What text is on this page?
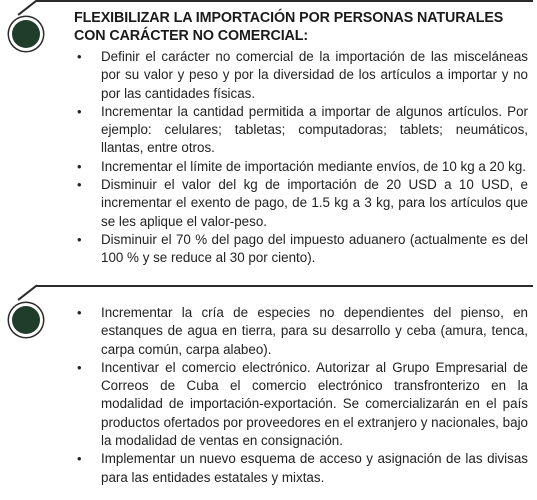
FLEXIBILIZAR LA IMPORTACIÓN POR PERSONAS NATURALES CON CARÁCTER NO COMERCIAL:
• Definir el carácter no comercial de la importación de las misceláneas por su valor y peso y por la diversidad de los artículos a importar y no por las cantidades físicas.
• Incrementar la cantidad permitida a importar de algunos artículos. Por ejemplo: celulares; tabletas; computadoras; tablets; neumáticos, llantas, entre otros.
• Incrementar el límite de importación mediante envíos, de 10 kg a 20 kg.
• Disminuir el valor del kg de importación de 20 USD a 10 USD, e incrementar el exento de pago, de 1.5 kg a 3 kg, para los artículos que se les aplique el valor-peso.
• Disminuir el 70 % del pago del impuesto aduanero (actualmente es del 100 % y se reduce al 30 por ciento).
• Incrementar la cría de especies no dependientes del pienso, en estanques de agua en tierra, para su desarrollo y ceba (amura, tenca, carpa común, carpa alabeo).
• Incentivar el comercio electrónico. Autorizar al Grupo Empresarial de Correos de Cuba el comercio electrónico transfronterizo en la modalidad de importación-exportación. Se comercializarán en el país productos ofertados por proveedores en el extranjero y nacionales, bajo la modalidad de ventas en consignación.
• Implementar un nuevo esquema de acceso y asignación de las divisas para las entidades estatales y mixtas.
